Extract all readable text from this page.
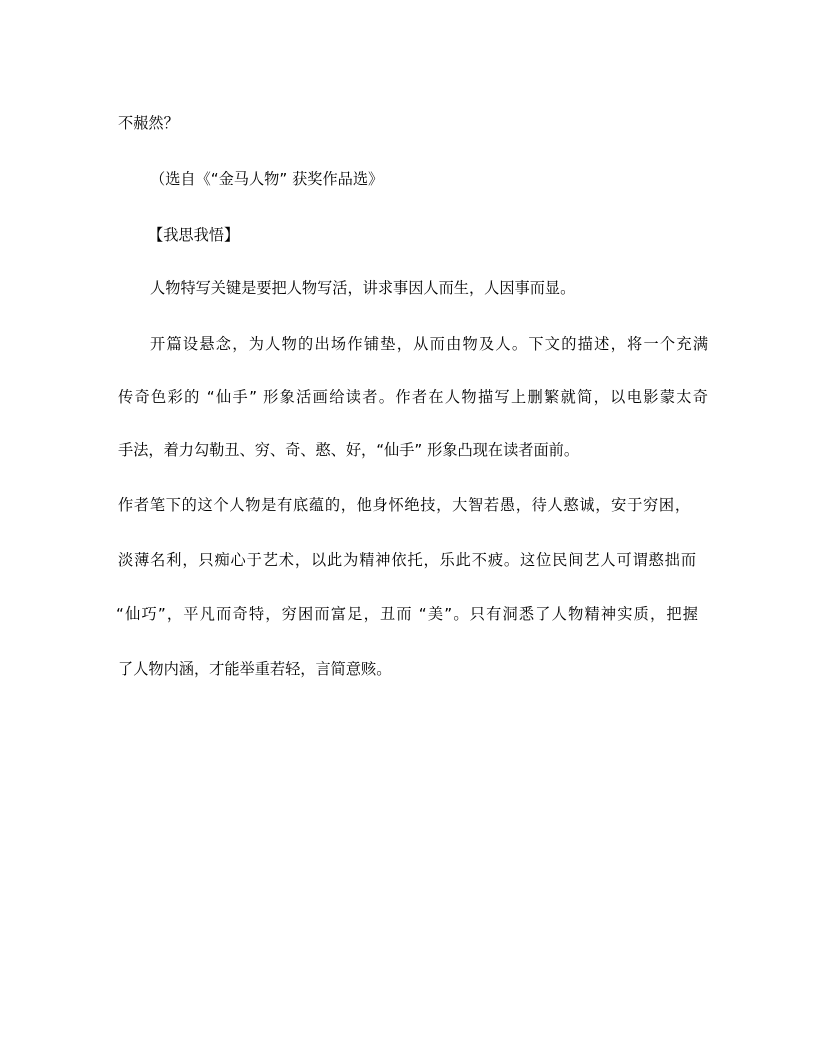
不赧然？
（选自《“金马人物” 获奖作品选》
【我思我悟】
人物特写关键是要把人物写活，讲求事因人而生，人因事而显。
开篇设悬念，为人物的出场作铺垫，从而由物及人。下文的描述，将一个充满
传奇色彩的 “仙手” 形象活画给读者。作者在人物描写上删繁就简，以电影蒙太奇
手法，着力勾勒丑、穷、奇、憨、好，“仙手” 形象凸现在读者面前。
作者笔下的这个人物是有底蕴的，他身怀绝技，大智若愚，待人憨诚，安于穷困，
淡薄名利，只痴心于艺术，以此为精神依托，乐此不疲。这位民间艺人可谓憨拙而
“仙巧”，平凡而奇特，穷困而富足，丑而 “美”。只有洞悉了人物精神实质，把握
了人物内涵，才能举重若轻，言简意赅。
